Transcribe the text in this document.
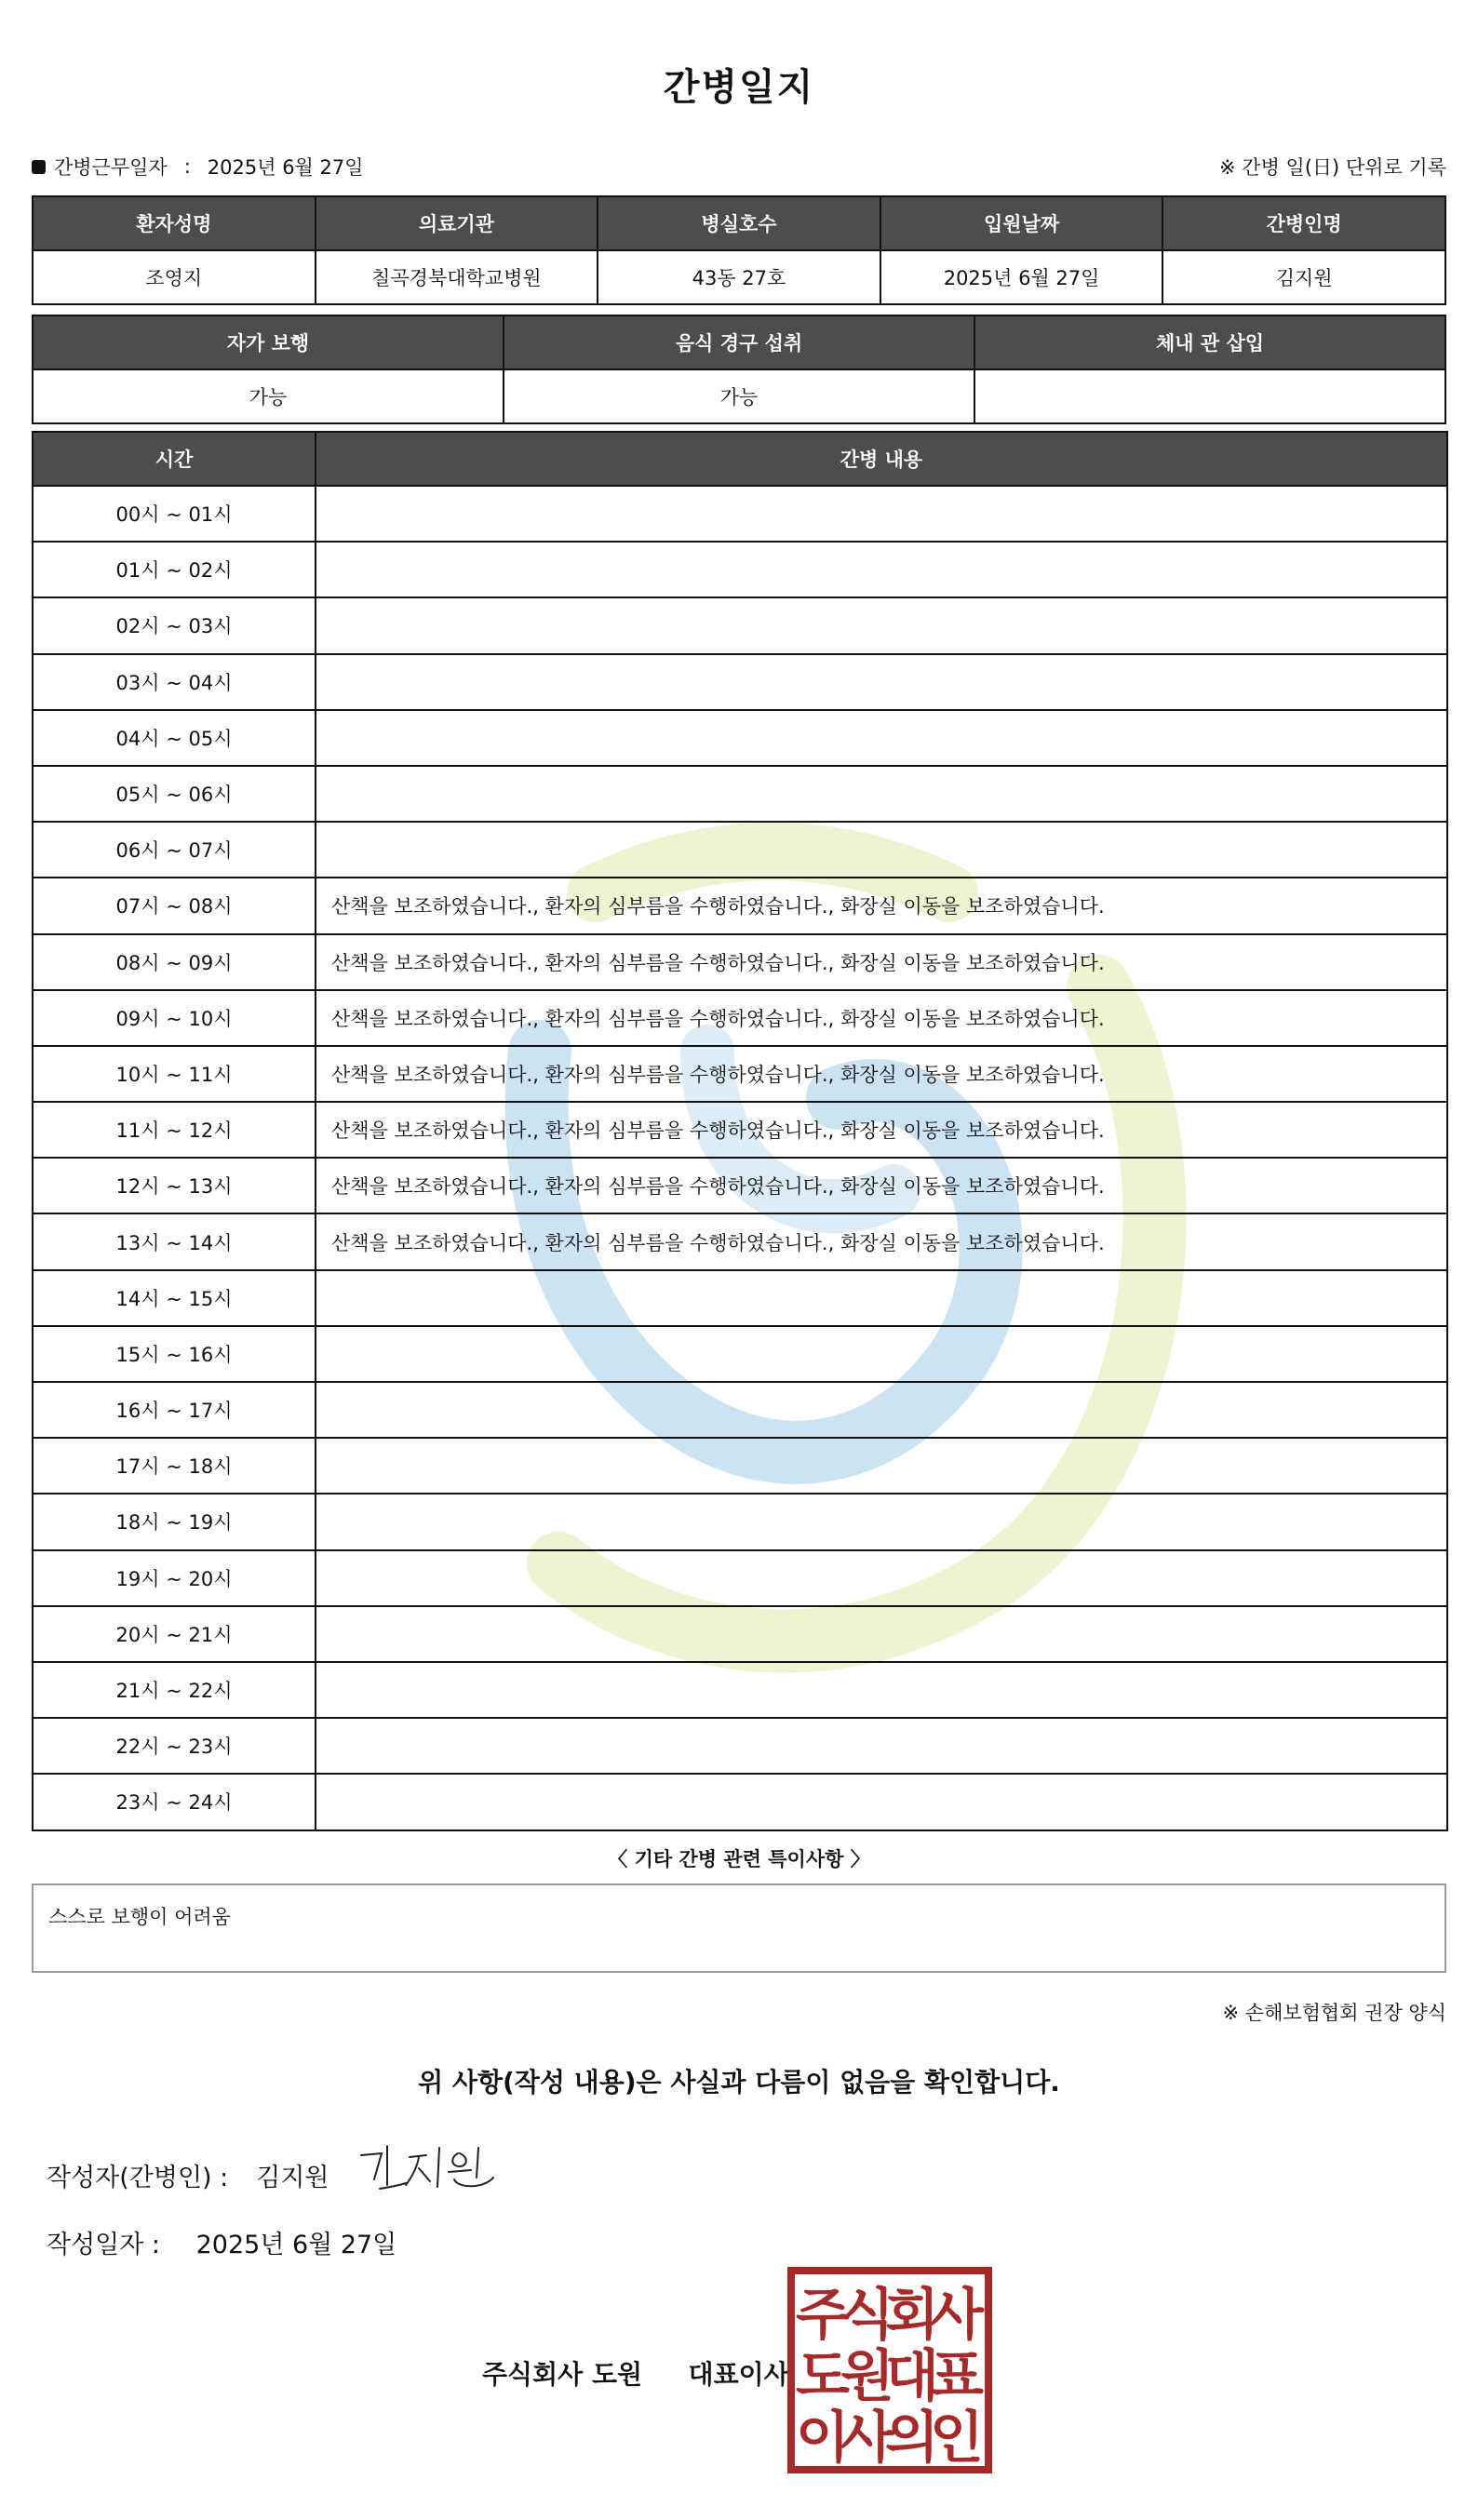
간병일지
간병근무일자 : 2025년 6월 27일	※ 간병 일(日) 단위로 기록
환자성명	의료기관	병실호수	입원날짜	간병인명
조영지	칠곡경북대학교병원	43동 27호	2025년 6월 27일	김지원
자가 보행	음식 경구 섭취	체내 관 삽입
가능	가능	
시간	간병 내용
00시 ~ 01시	
01시 ~ 02시	
02시 ~ 03시	
03시 ~ 04시	
04시 ~ 05시	
05시 ~ 06시	
06시 ~ 07시	
07시 ~ 08시	산책을 보조하였습니다., 환자의 심부름을 수행하였습니다., 화장실 이동을 보조하였습니다.
08시 ~ 09시	산책을 보조하였습니다., 환자의 심부름을 수행하였습니다., 화장실 이동을 보조하였습니다.
09시 ~ 10시	산책을 보조하였습니다., 환자의 심부름을 수행하였습니다., 화장실 이동을 보조하였습니다.
10시 ~ 11시	산책을 보조하였습니다., 환자의 심부름을 수행하였습니다., 화장실 이동을 보조하였습니다.
11시 ~ 12시	산책을 보조하였습니다., 환자의 심부름을 수행하였습니다., 화장실 이동을 보조하였습니다.
12시 ~ 13시	산책을 보조하였습니다., 환자의 심부름을 수행하였습니다., 화장실 이동을 보조하였습니다.
13시 ~ 14시	산책을 보조하였습니다., 환자의 심부름을 수행하였습니다., 화장실 이동을 보조하였습니다.
14시 ~ 15시	
15시 ~ 16시	
16시 ~ 17시	
17시 ~ 18시	
18시 ~ 19시	
19시 ~ 20시	
20시 ~ 21시	
21시 ~ 22시	
22시 ~ 23시	
23시 ~ 24시	
〈 기타 간병 관련 특이사항 〉
스스로 보행이 어려움
※ 손해보험협회 권장 양식
위 사항(작성 내용)은 사실과 다름이 없음을 확인합니다.
작성자(간병인) : 김지원
작성일자 : 2025년 6월 27일
주식회사 도원 대표이사
주
식
회
사
도
원
대
표
이
사
의
인
